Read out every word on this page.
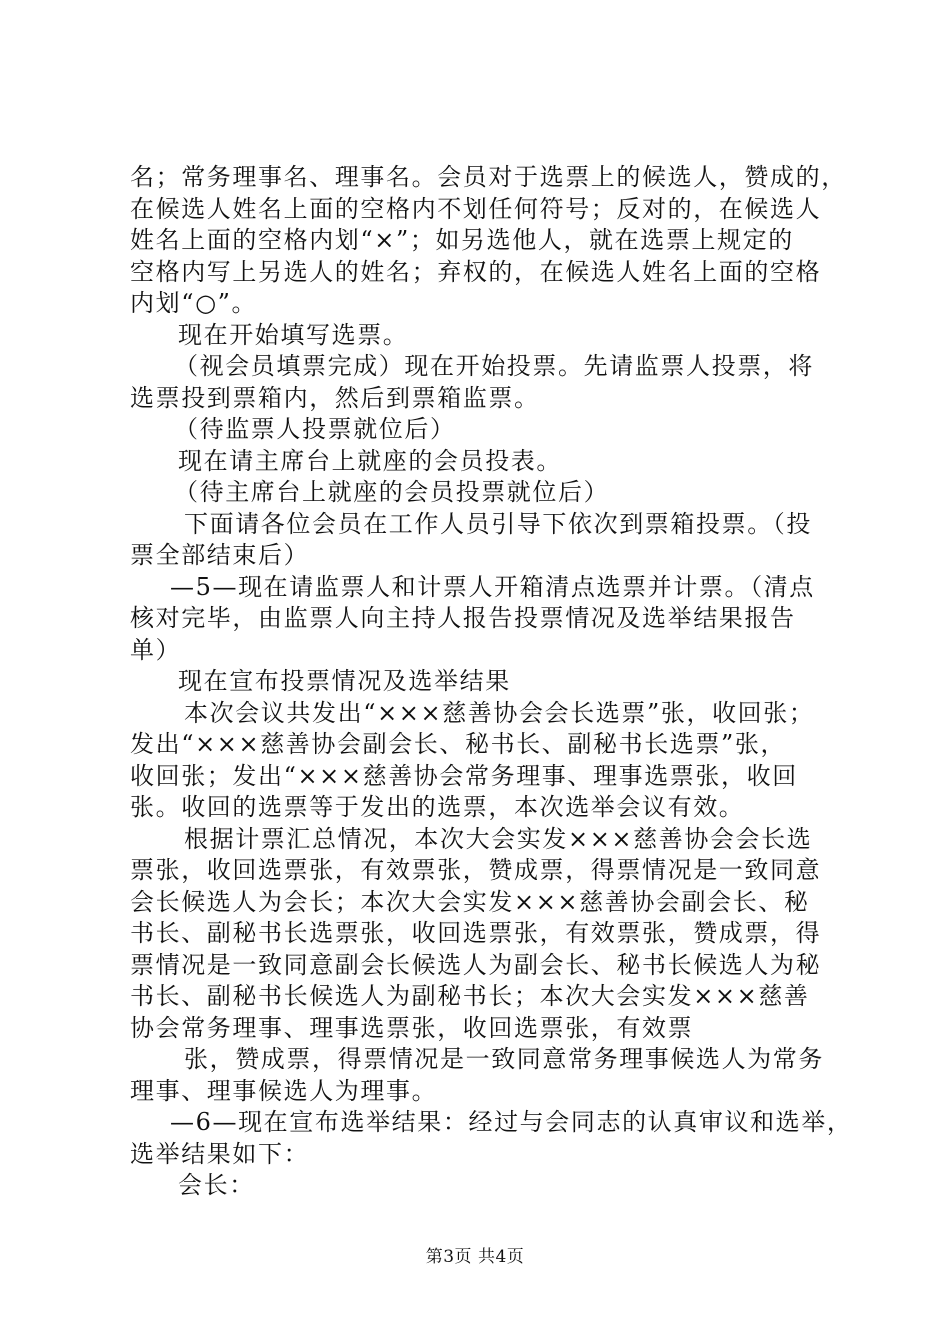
名；常务理事名、理事名。会员对于选票上的候选人，赞成的，
在候选人姓名上面的空格内不划任何符号；反对的，在候选人
姓名上面的空格内划“×”；如另选他人，就在选票上规定的
空格内写上另选人的姓名；弃权的，在候选人姓名上面的空格
内划“○”。
现在开始填写选票。
（视会员填票完成）现在开始投票。先请监票人投票，将
选票投到票箱内，然后到票箱监票。
（待监票人投票就位后）
现在请主席台上就座的会员投表。
（待主席台上就座的会员投票就位后）
下面请各位会员在工作人员引导下依次到票箱投票。（投
票全部结束后）
—5—现在请监票人和计票人开箱清点选票并计票。（清点
核对完毕，由监票人向主持人报告投票情况及选举结果报告
单）
现在宣布投票情况及选举结果
本次会议共发出“×××慈善协会会长选票”张，收回张；
发出“×××慈善协会副会长、秘书长、副秘书长选票”张，
收回张；发出“×××慈善协会常务理事、理事选票张，收回
张。收回的选票等于发出的选票，本次选举会议有效。
根据计票汇总情况，本次大会实发×××慈善协会会长选
票张，收回选票张，有效票张，赞成票，得票情况是一致同意
会长候选人为会长；本次大会实发×××慈善协会副会长、秘
书长、副秘书长选票张，收回选票张，有效票张，赞成票，得
票情况是一致同意副会长候选人为副会长、秘书长候选人为秘
书长、副秘书长候选人为副秘书长；本次大会实发×××慈善
协会常务理事、理事选票张，收回选票张，有效票
张，赞成票，得票情况是一致同意常务理事候选人为常务
理事、理事候选人为理事。
—6—现在宣布选举结果：经过与会同志的认真审议和选举，
选举结果如下：
会长：
第3页 共4页
